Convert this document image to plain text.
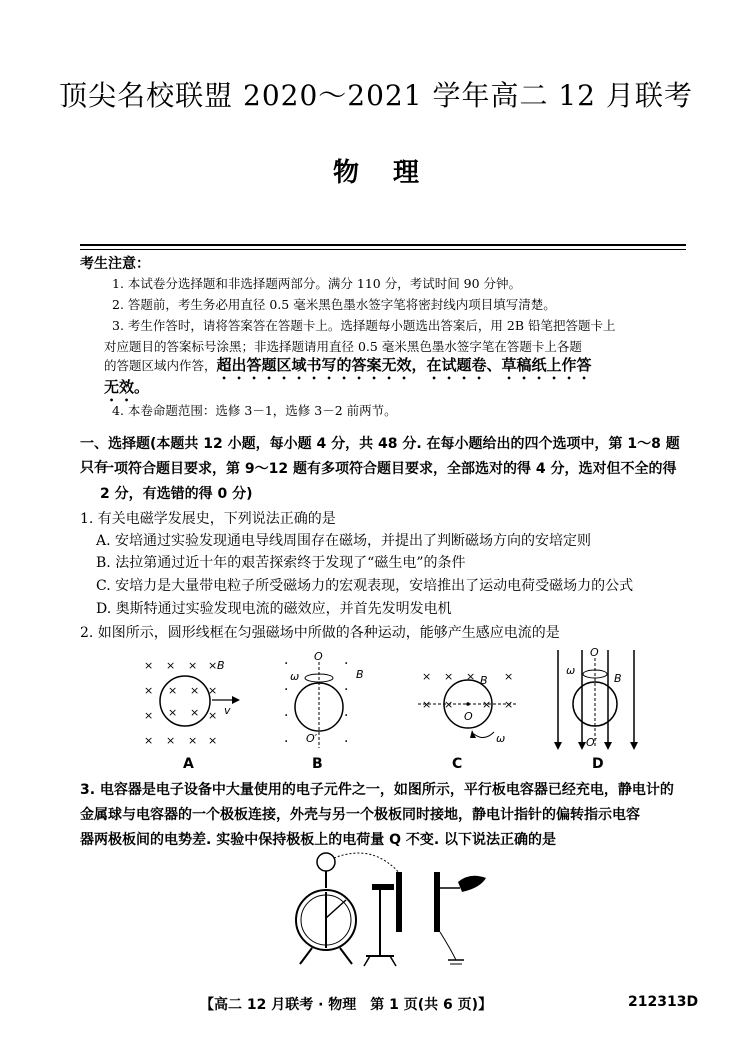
顶尖名校联盟 2020～2021 学年高二 12 月联考
物理
考生注意：
1. 本试卷分选择题和非选择题两部分。满分 110 分，考试时间 90 分钟。
2. 答题前，考生务必用直径 0.5 毫米黑色墨水签字笔将密封线内项目填写清楚。
3. 考生作答时，请将答案答在答题卡上。选择题每小题选出答案后，用 2B 铅笔把答题卡上
对应题目的答案标号涂黑；非选择题请用直径 0.5 毫米黑色墨水签字笔在答题卡上各题
的答题区域内作答，超出答题区域书写的答案无效，在试题卷、草稿纸上作答
无效。
4. 本卷命题范围：选修 3－1，选修 3－2 前两节。
一、选择题(本题共 12 小题，每小题 4 分，共 48 分. 在每小题给出的四个选项中，第 1～8 题只有
一项符合题目要求，第 9～12 题有多项符合题目要求，全部选对的得 4 分，选对但不全的得
2 分，有选错的得 0 分)
1. 有关电磁学发展史，下列说法正确的是
A. 安培通过实验发现通电导线周围存在磁场，并提出了判断磁场方向的安培定则
B. 法拉第通过近十年的艰苦探索终于发现了“磁生电”的条件
C. 安培力是大量带电粒子所受磁场力的宏观表现，安培推出了运动电荷受磁场力的公式
D. 奥斯特通过实验发现电流的磁效应，并首先发明发电机
2. 如图所示，圆形线框在匀强磁场中所做的各种运动，能够产生感应电流的是
× × × ×
×	×
×	×
× × × ×
B
× ×
× × v
A
·	·
·	·
·	·
·	·
O
B
ω
O′
B
× × ×	×
× ×	× ×
B
O
ω
C
O
ω
B
O′
D
3. 电容器是电子设备中大量使用的电子元件之一，如图所示，平行板电容器已经充电，静电计的
金属球与电容器的一个极板连接，外壳与另一个极板同时接地，静电计指针的偏转指示电容
器两极板间的电势差. 实验中保持极板上的电荷量 Q 不变. 以下说法正确的是
【高二 12 月联考 · 物理　第 1 页(共 6 页)】	212313D
